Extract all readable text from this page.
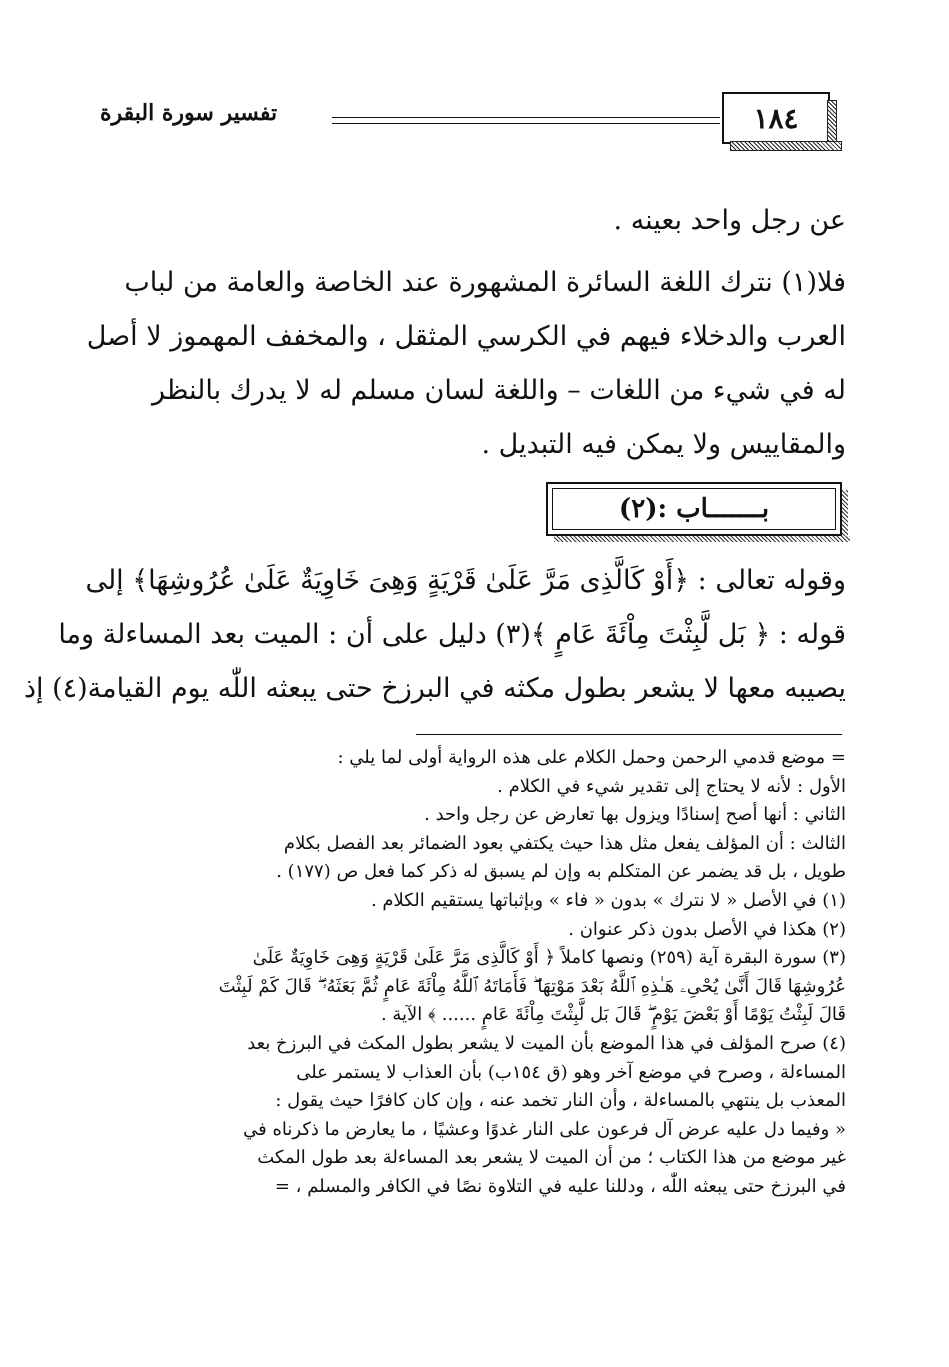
١٨٤
تفسير سورة البقرة
عن رجل واحد بعينه .
فلا(١) نترك اللغة السائرة المشهورة عند الخاصة والعامة من لباب
العرب والدخلاء فيهم في الكرسي المثقل ، والمخفف المهموز لا أصل
له في شيء من اللغات – واللغة لسان مسلم له لا يدرك بالنظر
والمقاييس ولا يمكن فيه التبديل .
بـــــــاب :(٢)
وقوله تعالى : ﴿أَوْ كَالَّذِى مَرَّ عَلَىٰ قَرْيَةٍ وَهِىَ خَاوِيَةٌ عَلَىٰ عُرُوشِهَا﴾ إلى
قوله : ﴿ بَل لَّبِثْتَ مِاْئَةَ عَامٍ ﴾(٣) دليل على أن : الميت بعد المساءلة وما
يصيبه معها لا يشعر بطول مكثه في البرزخ حتى يبعثه اللّٰه يوم القيامة(٤) إذ
= موضع قدمي الرحمن وحمل الكلام على هذه الرواية أولى لما يلي :
الأول : لأنه لا يحتاج إلى تقدير شيء في الكلام .
الثاني : أنها أصح إسنادًا ويزول بها تعارض عن رجل واحد .
الثالث : أن المؤلف يفعل مثل هذا حيث يكتفي بعود الضمائر بعد الفصل بكلام
طويل ، بل قد يضمر عن المتكلم به وإن لم يسبق له ذكر كما فعل ص (١٧٧) .
(١) في الأصل « لا نترك » بدون « فاء » وبإثباتها يستقيم الكلام .
(٢) هكذا في الأصل بدون ذكر عنوان .
(٣) سورة البقرة آية (٢٥٩) ونصها كاملاً ﴿ أَوْ كَالَّذِى مَرَّ عَلَىٰ قَرْيَةٍ وَهِىَ خَاوِيَةٌ عَلَىٰ
عُرُوشِهَا قَالَ أَنَّىٰ يُحْىِۦ هَـٰذِهِ ٱللَّهُ بَعْدَ مَوْتِهَا ۖ فَأَمَاتَهُ ٱللَّهُ مِاْئَةَ عَامٍ ثُمَّ بَعَثَهُۥ ۖ قَالَ كَمْ لَبِثْتَ
قَالَ لَبِثْتُ يَوْمًا أَوْ بَعْضَ يَوْمٍ ۖ قَالَ بَل لَّبِثْتَ مِاْئَةَ عَامٍ ...... ﴾ الآية .
(٤) صرح المؤلف في هذا الموضع بأن الميت لا يشعر بطول المكث في البرزخ بعد
المساءلة ، وصرح في موضع آخر وهو (ق ١٥٤ب) بأن العذاب لا يستمر على
المعذب بل ينتهي بالمساءلة ، وأن النار تخمد عنه ، وإن كان كافرًا حيث يقول :
« وفيما دل عليه عرض آل فرعون على النار غدوًا وعشيًا ، ما يعارض ما ذكرناه في
غير موضع من هذا الكتاب ؛ من أن الميت لا يشعر بعد المساءلة بعد طول المكث
في البرزخ حتى يبعثه اللّٰه ، ودللنا عليه في التلاوة نصًا في الكافر والمسلم ، =
